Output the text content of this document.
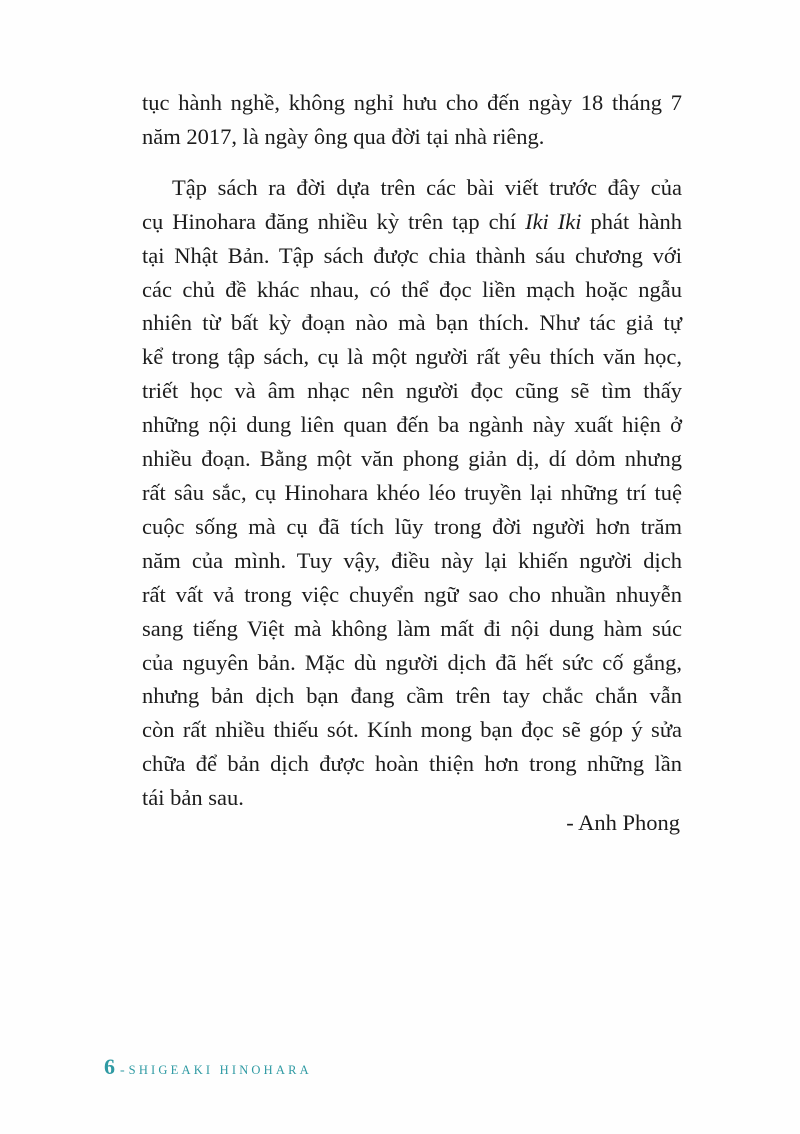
tục hành nghề, không nghỉ hưu cho đến ngày 18 tháng 7
năm 2017, là ngày ông qua đời tại nhà riêng.

Tập sách ra đời dựa trên các bài viết trước đây của
cụ Hinohara đăng nhiều kỳ trên tạp chí Iki Iki phát hành
tại Nhật Bản. Tập sách được chia thành sáu chương với
các chủ đề khác nhau, có thể đọc liền mạch hoặc ngẫu
nhiên từ bất kỳ đoạn nào mà bạn thích. Như tác giả tự
kể trong tập sách, cụ là một người rất yêu thích văn học,
triết học và âm nhạc nên người đọc cũng sẽ tìm thấy
những nội dung liên quan đến ba ngành này xuất hiện ở
nhiều đoạn. Bằng một văn phong giản dị, dí dỏm nhưng
rất sâu sắc, cụ Hinohara khéo léo truyền lại những trí tuệ
cuộc sống mà cụ đã tích lũy trong đời người hơn trăm
năm của mình. Tuy vậy, điều này lại khiến người dịch
rất vất vả trong việc chuyển ngữ sao cho nhuần nhuyễn
sang tiếng Việt mà không làm mất đi nội dung hàm súc
của nguyên bản. Mặc dù người dịch đã hết sức cố gắng,
nhưng bản dịch bạn đang cầm trên tay chắc chắn vẫn
còn rất nhiều thiếu sót. Kính mong bạn đọc sẽ góp ý sửa
chữa để bản dịch được hoàn thiện hơn trong những lần
tái bản sau.

- Anh Phong
6 - SHIGEAKI HINOHARA
